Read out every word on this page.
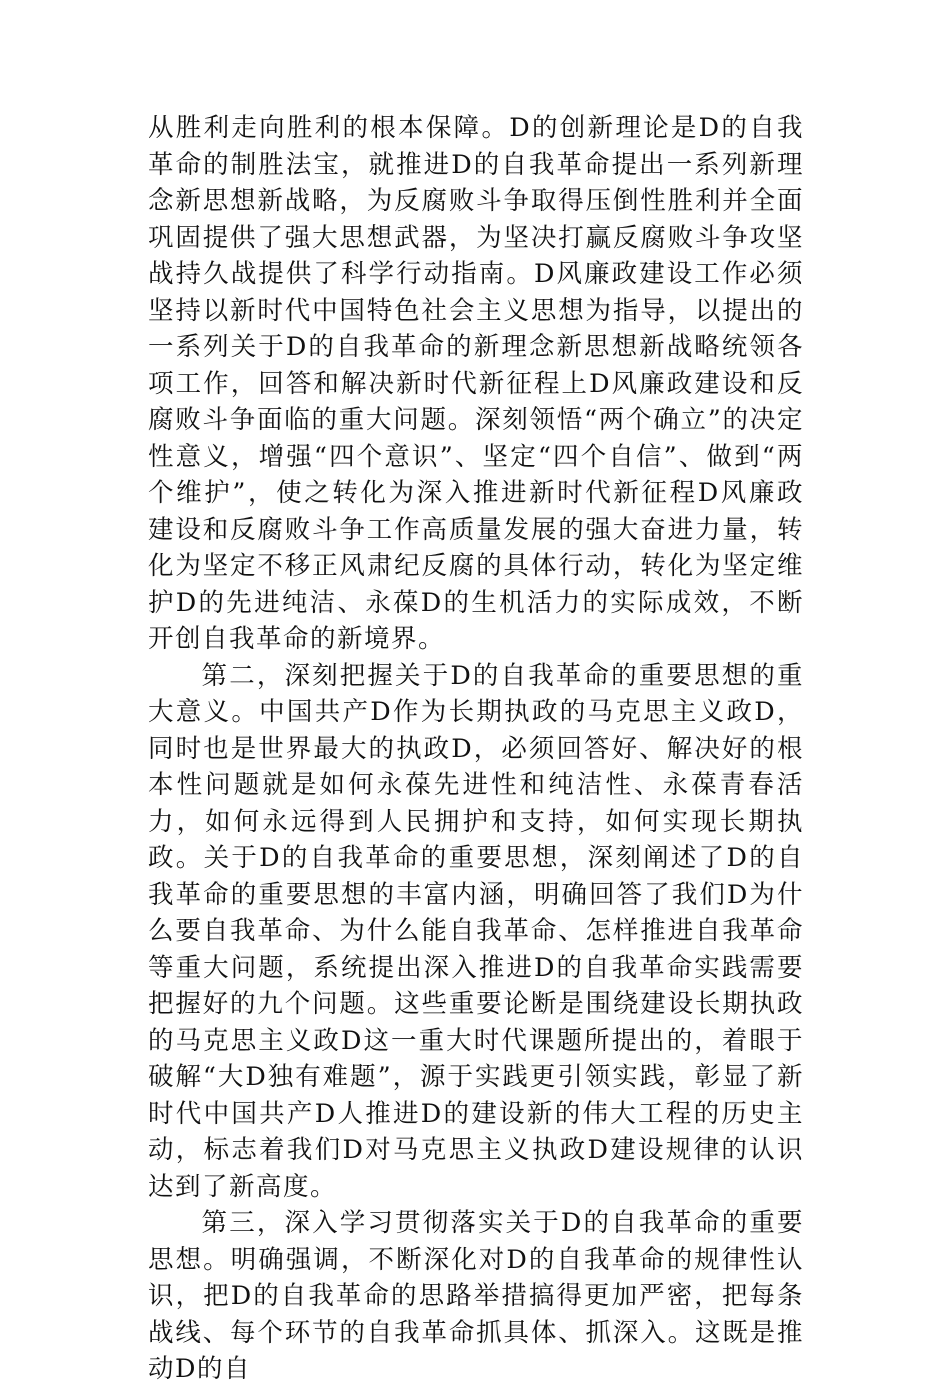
从胜利走向胜利的根本保障。D的创新理论是D的自我革命的制胜法宝，就推进D的自我革命提出一系列新理念新思想新战略，为反腐败斗争取得压倒性胜利并全面巩固提供了强大思想武器，为坚决打赢反腐败斗争攻坚战持久战提供了科学行动指南。D风廉政建设工作必须坚持以新时代中国特色社会主义思想为指导，以提出的一系列关于D的自我革命的新理念新思想新战略统领各项工作，回答和解决新时代新征程上D风廉政建设和反腐败斗争面临的重大问题。深刻领悟“两个确立”的决定性意义，增强“四个意识”、坚定“四个自信”、做到“两个维护”，使之转化为深入推进新时代新征程D风廉政建设和反腐败斗争工作高质量发展的强大奋进力量，转化为坚定不移正风肃纪反腐的具体行动，转化为坚定维护D的先进纯洁、永葆D的生机活力的实际成效，不断开创自我革命的新境界。

第二，深刻把握关于D的自我革命的重要思想的重大意义。中国共产D作为长期执政的马克思主义政D，同时也是世界最大的执政D，必须回答好、解决好的根本性问题就是如何永葆先进性和纯洁性、永葆青春活力，如何永远得到人民拥护和支持，如何实现长期执政。关于D的自我革命的重要思想，深刻阐述了D的自我革命的重要思想的丰富内涵，明确回答了我们D为什么要自我革命、为什么能自我革命、怎样推进自我革命等重大问题，系统提出深入推进D的自我革命实践需要把握好的九个问题。这些重要论断是围绕建设长期执政的马克思主义政D这一重大时代课题所提出的，着眼于破解“大D独有难题”，源于实践更引领实践，彰显了新时代中国共产D人推进D的建设新的伟大工程的历史主动，标志着我们D对马克思主义执政D建设规律的认识达到了新高度。

第三，深入学习贯彻落实关于D的自我革命的重要思想。明确强调，不断深化对D的自我革命的规律性认识，把D的自我革命的思路举措搞得更加严密，把每条战线、每个环节的自我革命抓具体、抓深入。这既是推动D的自
